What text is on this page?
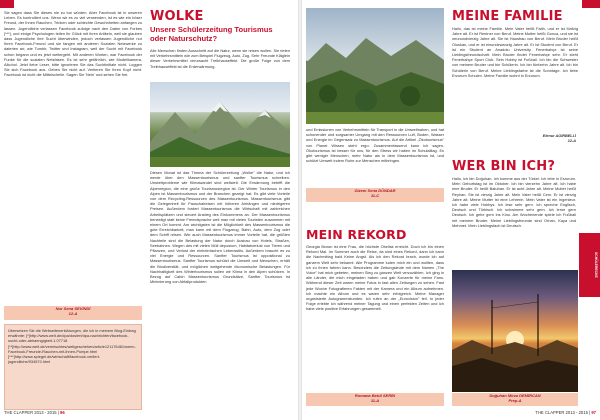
Sie sagen dass Sie dieses nie zu tun würden. Aber Facebook ist in unseren Leben. Es kontrolliert uns. Wenn wir es zu viel verwenden, ist es wie ein böser Freund, der Ihnen Rauchen, Trinken oder schlechte Gewohnheiten anfangen zu lassen. Jugendliche verlassen Facebook zufolge nach den Daten von Forbes [***], und einige Psychologen teilen Ihr Glück mit ihren Artikeln, weil sie glauben dass Jugendliche ihre Sucht überwinden, jedoch verlassen Jugendliche nur Ihren Facebook-Freund und sie fangen mit anderen Sozialen Netzwerke zu daterien an; wie Tumblr, Twitter und Instagram, weil der Sucht mit Facebook schon begann und es jetzt weitergeht. Mit anderen Worten, war Facebook der Funke für die sozialen Netzfasen. Es ist sehr gefährlich, wie Modellkamera, Alkohol. Jetzt liebe Leser, bitte ignorieren Sie das Suchtinitiale nicht. Loggen Sie sich Facebook aus. Geben Sie nicht auf. Verlieren Sie Ihren Kopf nicht. Facebook ist nicht die Mittelschelle. Sagen Sie 'Nein' und sehen Sie frei.
Nur Sena SEVİNDİ
12-A
Übersetzen Sie die Webseitenerklärungen, die ich in meinem Blog-Eintrag erwähnte: [*]http://www.welt.de/dpa/dosiert/dpa-nachrichten/facebook-sucht-oder-abhaengigkeit-1.07718 [**]http://www.welt.de/vermischtes/weltgeschehen/article121176461/wenn-Facebook-Freunde-Rauchen-mit-ihnen-Pumpe.html [***]http://www.spiegel.de/wirtschaft/facebook-verliert-jugendliche/934570.html
WOLKE
Unsere Schülerzeitung Tourismus oder Naturschutz?
Alle Menschen finden Ausschnitt auf die Natur, wenn sie reisen wollen. Sie rieten mit Verkehrsmitteln wie zum Beispiel Flugzeug, Auto, Zug. Sehr Freunde Kläglein dieser Verkehrsmittel verursacht Treibhauseffekt. Die große Folge von dem Treibhauseffekt ist die Erderwärmung.
Diesen Monat ist das Thema der Schülerzeitung „Wolke" die Natur, und ich werde über den Massentourismus und sanfter Tourismus schreiben. Umweltprobleme wie Klimawandel sind weltweit. Die Erwärmung betrifft die Alpenregion, die eine große Tourismusregion ist. Der Winter Tourismus in den Alpen ist Massentourismus und der Branchen gezeigt hat. Es gibt viele Vorteile von dem Recycling-Ressourcen des Massentourismus. Massentourismus gibt die Gelegenheit für Pauschalreisen mit höheren Anhängen und niedrigeren Preisen. Außerdem fordert Massentourismus die Wirtschaft mit zahlreichen Arbeitsplätzen und steuert Anstieg des Einkommens an. Der Massentourismus beneidigt statt keine Fremdsprache weil man mit vielen Touristen zusammen mit einem Ort kommt. Am wichtigsten ist die Möglichkeit des Massentourismus die gute Erreichbarkeit, man kann mit dem Flugzeug, Bahn, Auto, dem Zug oder dem Schiff reisen. Wie auch Massentourismus immer Vorteile hat, die größten Nachteile sind die Belastung der Natur durch Ausbau von Hotels, Straßen, Seebahnen. Wegen des mit vielen Müll deposium, Habitatverlust von Tieren und Pflanzen, und Verlust der einheimischen Lebensstils. Außerdem braucht es zu viel Energie und Ressourcen. Sanfter Tourismus ist oppositional zu Massentourismus. Sanfter Tourismus schützt die Umwelt und Menschen, erhält die Biodiversität, und möglichen weitgehende ökonomische Belastungen. Für Nachhaltigkeit des Wintertourismus sollen wir Klima in den Alpen schützen. In Bezug auf Cabin Massentourismus Grundsätze, Sanfter Tourismus ist Minimierung von Abfallprodukten
THE CLAPPER 2013 - 2015 | 96
und Emissionen von Verkehrsmitteln für Transport in die Umweltnahen, und hat schonender und sorgsamer Umgang mit den Ressourcen Luft, Boden, Wasser und Energie im Gegensatz zu Massentourismus. Auf die Artikel „Ökotourismus" von Planet Wissen steht ergo: Zusammenfassend kann ich sagen, Ökotourismus ist besser für uns, für den Stress wir haben im Schulalltag. Es gibt weniger Menschen, mehr Natur als in dem Massentourismus ist, und schützt Umwelt indem Ruhe zur Menschen mitbringen.
Gizem Sena DÜNDAR
11-C
MEIN REKORD
Georgia Brown ist eine Frau, die höchste Obelisk erreicht. Doch ich bin einen Rekord Mal. Im Sommer auch die Reise, da sind eines Rekord, dann ich kann die Nachmittag bald Keine Angst. Als ich den Rekord brach, wurde ich auf ganzem Welt sehr bekannt. Alle Programme luden mich ein und wollten, dass ich zu ihnen fahren kann. Besonders die Zeitungsleute mit dem Namen „The Voice" hat mich gebeten, meinen Sieg zu ganzen Welt verzuzählen. Ich ging in alle Länder, die mich eingeladen haben und gab Konzerte für meine Fans. Während dieser Zeit waren meine Fotos in fast allen Zeitungen zu sehen. Fast jede Woche Fotografieren Fakten mit der Kamera und ein Album aufnehmen. Ich machte ein Album und es waren sehr erfolgreich. Meine Manager organisierte Autogrammstunden. Ich rufen an der „Eurovision" teil. In jeder Folge erlebte ich während meiner Tagung und einen perfekten Zeiten und ich habe viele positive Erfahrungen gesammelt.
Romana Betül SERİN
11-A
MEINE FAMILIE
Hallo, das ist meine Familie. Mein Vater heißt Fatih, und er ist fünfzig Jahre alt. Er ist Rentner von Beruf. Meine Mutter heißt Gonca, und sie ist neunundvierzig Jahre alt. Sie ist Hausfrau von Beruf. Mein Bruder heißt Oluskan, und er ist einundzwanzig Jahre alt. Er ist Student von Beruf. Er ist ein Student an Anadolu University. Fenerbahçe ist seine Lieblingsfreundschaft. Mein Bruder findet Fenerbahçe sehr. Er steht Fenerbahçe Sport Club. Sein Hobby ist Fußball. Ich bin die Schwester von meinem Bruder und bin Schülerin. Ich bin fünfzehn Jahre alt. Ich bin Schülerin von Beruf. Meine Lieblingsfarbe ist die Sonntage. Ich liebe Erzurum Schulen. Meine Familie wohnt in Erzurum.
Elenur AGIRBELLİ
12-A
WER BIN ICH?
Hallo, ich bin Doğuhan. Ich komme aus der Türkei. Ich lebe in Erzurum. Mein Geburtstag ist im Oktober. Ich bin vierzehn Jahre alt. Ich habe eine Bruder. Er heißt Batuhan. Er ist acht Jahre alt. Meine Mutter heißt Reyhan. Sie ist vierzig Jahre alt. Mein Vater heißt Cem. Er ist vierzig Jahre alt. Meine Mutter ist eine Lehrerin. Mein Vater ist ein Ingenieur. Ich habe viele Hobbys. Ich lese sehr gern. Ich spreche Englisch, Deutsch und Türkisch. Ich schwimme sehr gern. Ich lerne gern Deutsch. Ich gehe gern ins Kino. Am Wochenende spiele ich Fußball mit meinem Bruder. Meine Lieblingsfreunde sind Orhan, Kaya und Mehmet. Mein Lieblingsfach ist Deutsch.
Doğuhan Mirza DEMİRCAN
Prep-A
THE CLAPPER 2013 - 2015 | 97
SCHÜLERECKE
